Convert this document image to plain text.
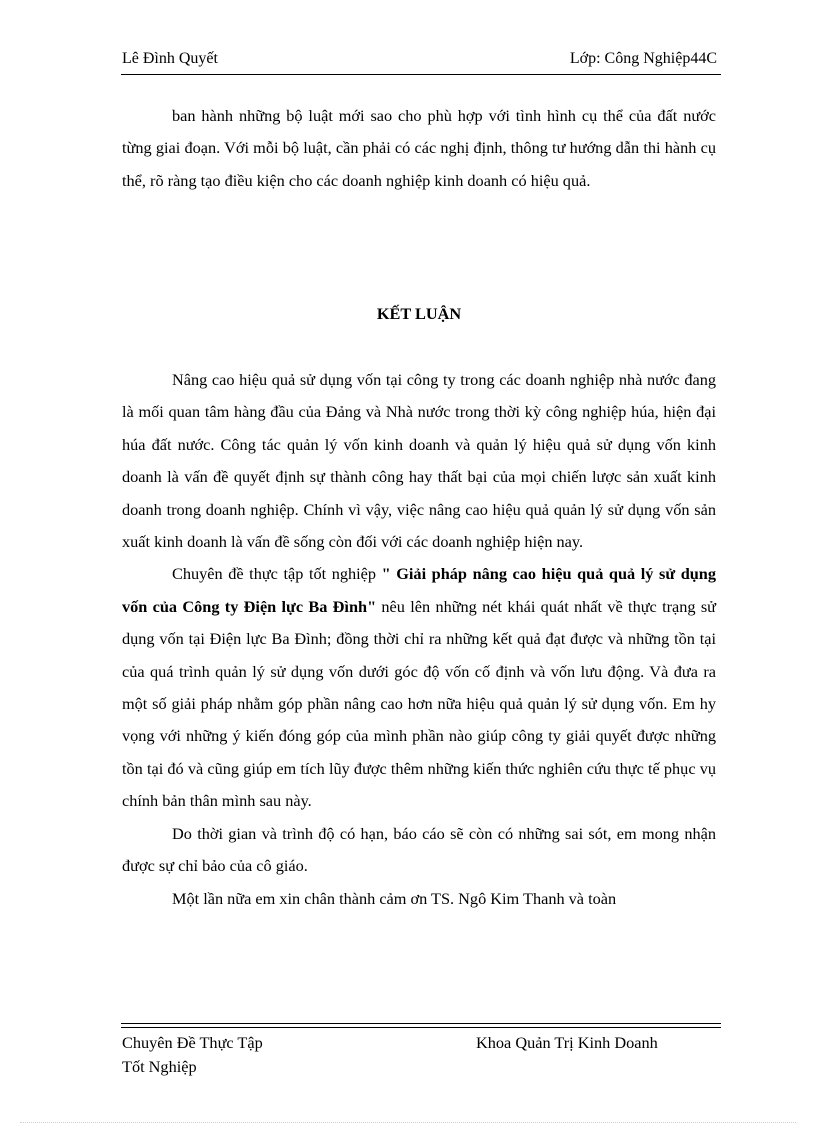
Lê Đình Quyết	Lớp: Công Nghiệp44C

ban hành những bộ luật mới sao cho phù hợp với tình hình cụ thể của đất nước từng giai đoạn. Với mỗi bộ luật, cần phải có các nghị định, thông tư hướng dẫn thi hành cụ thể, rõ ràng tạo điều kiện cho các doanh nghiệp kinh doanh có hiệu quả.

KẾT LUẬN

Nâng cao hiệu quả sử dụng vốn tại công ty trong các doanh nghiệp nhà nước đang là mối quan tâm hàng đầu của Đảng và Nhà nước trong thời kỳ công nghiệp húa, hiện đại húa đất nước. Công tác quản lý vốn kinh doanh và quản lý hiệu quả sử dụng vốn kinh doanh là vấn đề quyết định sự thành công hay thất bại của mọi chiến lược sản xuất kinh doanh trong doanh nghiệp. Chính vì vậy, việc nâng cao hiệu quả quản lý sử dụng vốn sản xuất kinh doanh là vấn đề sống còn đối với các doanh nghiệp hiện nay.

Chuyên đề thực tập tốt nghiệp " Giải pháp nâng cao hiệu quả quả lý sử dụng vốn của Công ty Điện lực Ba Đình" nêu lên những nét khái quát nhất về thực trạng sử dụng vốn tại Điện lực Ba Đình; đồng thời chỉ ra những kết quả đạt được và những tồn tại của quá trình quản lý sử dụng vốn dưới góc độ vốn cố định và vốn lưu động. Và đưa ra một số giải pháp nhằm góp phần nâng cao hơn nữa hiệu quả quản lý sử dụng vốn. Em hy vọng với những ý kiến đóng góp của mình phần nào giúp công ty giải quyết được những tồn tại đó và cũng giúp em tích lũy được thêm những kiến thức nghiên cứu thực tế phục vụ chính bản thân mình sau này.

Do thời gian và trình độ có hạn, báo cáo sẽ còn có những sai sót, em mong nhận được sự chỉ bảo của cô giáo.

Một lần nữa em xin chân thành cảm ơn TS. Ngô Kim Thanh và toàn

Chuyên Đề Thực Tập
Tốt Nghiệp
Khoa Quản Trị Kinh Doanh
